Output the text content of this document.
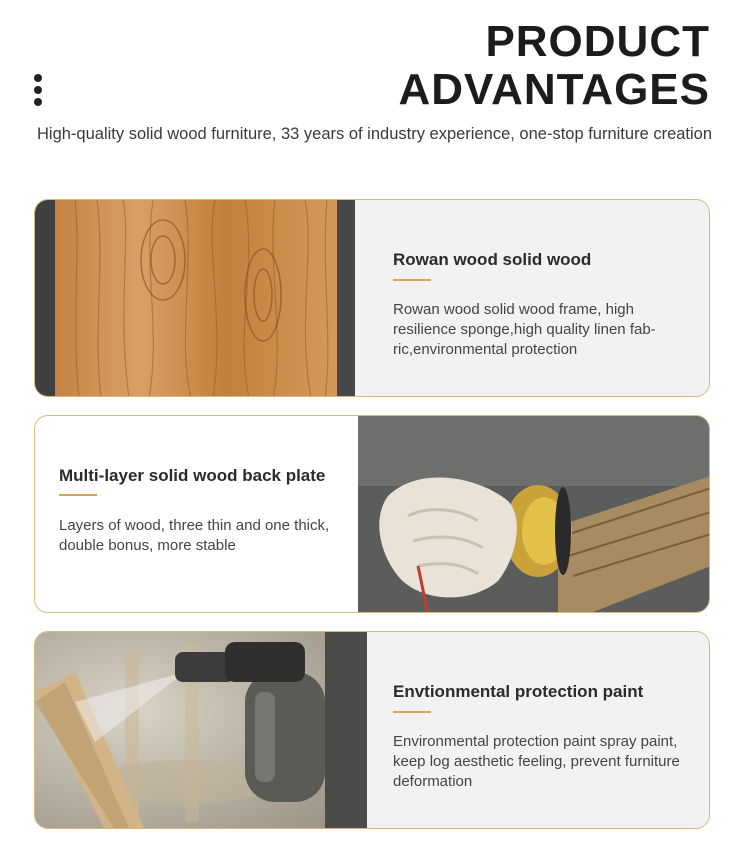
PRODUCT
ADVANTAGES
High-quality solid wood furniture, 33 years of industry experience, one-stop furniture creation
Rowan wood solid wood

Rowan wood solid wood frame, high resilience sponge,high quality linen fab-ric,environmental protection

Multi-layer solid wood back plate

Layers of wood, three thin and one thick, double bonus, more stable

Envtionmental protection paint

Environmental protection paint spray paint, keep log aesthetic feeling, prevent furniture deformation
